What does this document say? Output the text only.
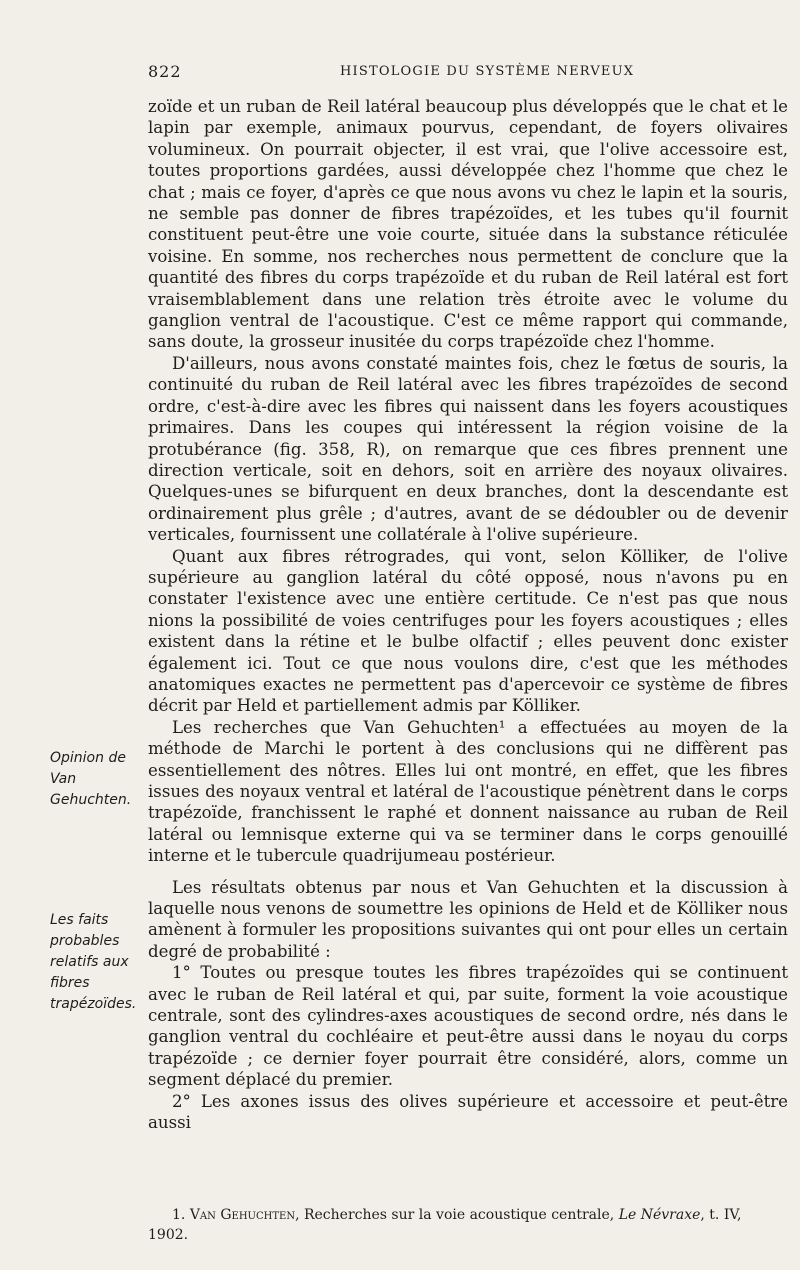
822	HISTOLOGIE DU SYSTÈME NERVEUX
Opinion de Van Gehuchten.
Les faits probables relatifs aux fibres trapézoïdes.

zoïde et un ruban de Reil latéral beaucoup plus développés que le chat et le lapin par exemple, animaux pourvus, cependant, de foyers olivaires volumineux. On pourrait objecter, il est vrai, que l'olive accessoire est, toutes proportions gardées, aussi développée chez l'homme que chez le chat ; mais ce foyer, d'après ce que nous avons vu chez le lapin et la souris, ne semble pas donner de fibres trapézoïdes, et les tubes qu'il fournit constituent peut-être une voie courte, située dans la substance réticulée voisine. En somme, nos recherches nous permettent de conclure que la quantité des fibres du corps trapézoïde et du ruban de Reil latéral est fort vraisemblablement dans une relation très étroite avec le volume du ganglion ventral de l'acoustique. C'est ce même rapport qui commande, sans doute, la grosseur inusitée du corps trapézoïde chez l'homme.

D'ailleurs, nous avons constaté maintes fois, chez le fœtus de souris, la continuité du ruban de Reil latéral avec les fibres trapézoïdes de second ordre, c'est-à-dire avec les fibres qui naissent dans les foyers acoustiques primaires. Dans les coupes qui intéressent la région voisine de la protubérance (fig. 358, R), on remarque que ces fibres prennent une direction verticale, soit en dehors, soit en arrière des noyaux olivaires. Quelques-unes se bifurquent en deux branches, dont la descendante est ordinairement plus grêle ; d'autres, avant de se dédoubler ou de devenir verticales, fournissent une collatérale à l'olive supérieure.

Quant aux fibres rétrogrades, qui vont, selon Kölliker, de l'olive supérieure au ganglion latéral du côté opposé, nous n'avons pu en constater l'existence avec une entière certitude. Ce n'est pas que nous nions la possibilité de voies centrifuges pour les foyers acoustiques ; elles existent dans la rétine et le bulbe olfactif ; elles peuvent donc exister également ici. Tout ce que nous voulons dire, c'est que les méthodes anatomiques exactes ne permettent pas d'apercevoir ce système de fibres décrit par Held et partiellement admis par Kölliker.

Les recherches que Van Gehuchten¹ a effectuées au moyen de la méthode de Marchi le portent à des conclusions qui ne diffèrent pas essentiellement des nôtres. Elles lui ont montré, en effet, que les fibres issues des noyaux ventral et latéral de l'acoustique pénètrent dans le corps trapézoïde, franchissent le raphé et donnent naissance au ruban de Reil latéral ou lemnisque externe qui va se terminer dans le corps genouillé interne et le tubercule quadrijumeau postérieur.

Les résultats obtenus par nous et Van Gehuchten et la discussion à laquelle nous venons de soumettre les opinions de Held et de Kölliker nous amènent à formuler les propositions suivantes qui ont pour elles un certain degré de probabilité :

1° Toutes ou presque toutes les fibres trapézoïdes qui se continuent avec le ruban de Reil latéral et qui, par suite, forment la voie acoustique centrale, sont des cylindres-axes acoustiques de second ordre, nés dans le ganglion ventral du cochléaire et peut-être aussi dans le noyau du corps trapézoïde ; ce dernier foyer pourrait être considéré, alors, comme un segment déplacé du premier.

2° Les axones issus des olives supérieure et accessoire et peut-être aussi

1. Van Gehuchten, Recherches sur la voie acoustique centrale, Le Névraxe, t. IV,

1902.
